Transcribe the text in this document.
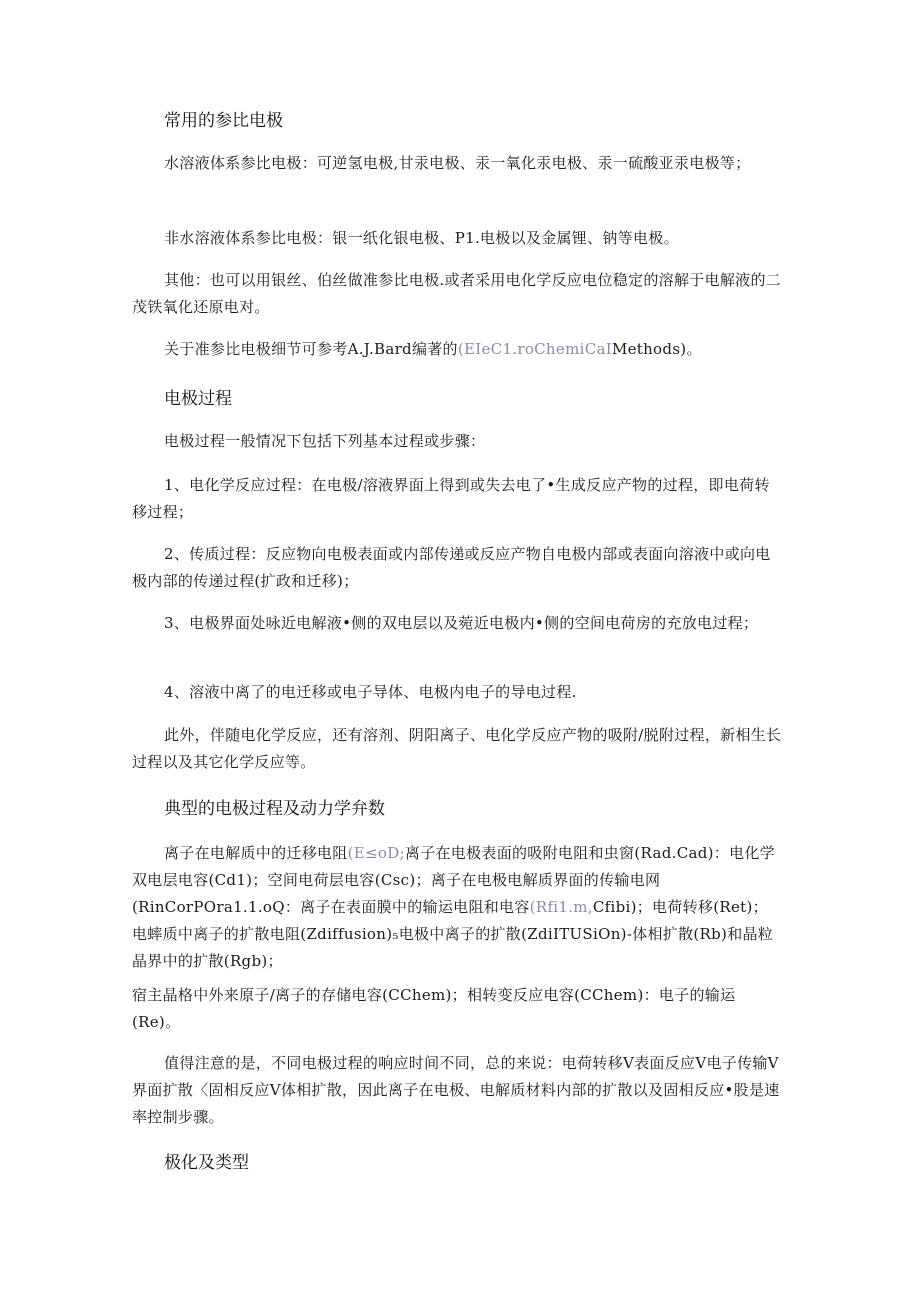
常用的参比电极

水溶液体系参比电极：可逆氢电极,甘汞电极、汞一氧化汞电极、汞一硫酸亚汞电极等；

非水溶液体系参比电极：银一纸化银电极、P1.电极以及金属锂、钠等电极。

其他：也可以用银丝、伯丝做准参比电极.或者采用电化学反应电位稳定的溶解于电解液的二茂铁氧化还原电对。

关于准参比电极细节可参考A.J.Bard编著的(EIeC1.roChemiCaIMethods)。

电极过程

电极过程一般情况下包括下列基本过程或步骤：

1、电化学反应过程：在电极/溶液界面上得到或失去电了•生成反应产物的过程，即电荷转移过程；

2、传质过程：反应物向电极表面或内部传递或反应产物自电极内部或表面向溶液中或向电极内部的传递过程(扩政和迁移)；

3、电极界面处咏近电解液•侧的双电层以及菀近电极内•侧的空间电荷房的充放电过程；

4、溶液中离了的电迁移或电子导体、电极内电子的导电过程.

此外，伴随电化学反应，还有溶剂、阴阳离子、电化学反应产物的吸附/脱附过程，新相生长过程以及其它化学反应等。

典型的电极过程及动力学弁数

离子在电解质中的迁移电阻(E≤oD;离子在电极表面的吸附电阻和虫窗(Rad.Cad)：电化学双电层电容(Cd1)；空间电荷层电容(Csc)；离子在电极电解质界面的传输电网(RinCorPOra1.1.oQ：离子在表面膜中的输运电阻和电容(Rfi1.m,Cfibi)；电荷转移(Ret)；电蟀质中离子的扩散电阻(Zdiffusion)₅电极中离子的扩散(ZdiITUSiOn)-体相扩散(Rb)和晶粒晶界中的扩散(Rgb)；

宿主晶格中外来原子/离子的存储电容(CChem)；相转变反应电容(CChem)：电子的输运(Re)。

值得注意的是，不同电极过程的响应时间不同，总的来说：电荷转移V表面反应V电子传输V界面扩散〈固相反应V体相扩散，因此离子在电极、电解质材料内部的扩散以及固相反应•股是速率控制步骤。

极化及类型
